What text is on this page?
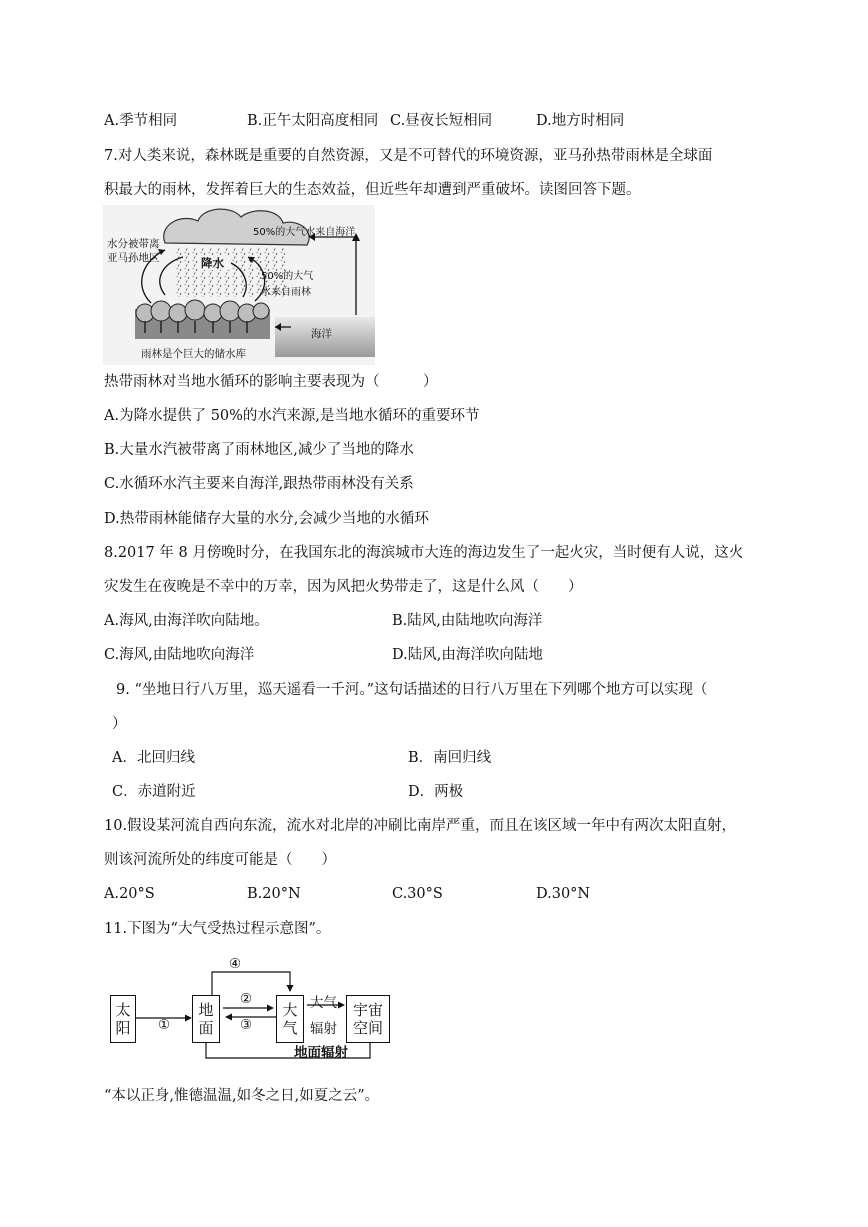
A.季节相同	B.正午太阳高度相同 C.昼夜长短相同	D.地方时相同
7.对人类来说，森林既是重要的自然资源，又是不可替代的环境资源，亚马孙热带雨林是全球面
积最大的雨林，发挥着巨大的生态效益，但近些年却遭到严重破坏。读图回答下题。
水分被带离
亚马孙地区	降水
50%的大气水来自海洋
50%的大气
水来自雨林
海洋
雨林是个巨大的储水库
热带雨林对当地水循环的影响主要表现为（　　　）
A.为降水提供了 50%的水汽来源,是当地水循环的重要环节
B.大量水汽被带离了雨林地区,减少了当地的降水
C.水循环水汽主要来自海洋,跟热带雨林没有关系
D.热带雨林能储存大量的水分,会减少当地的水循环
8.2017 年 8 月傍晚时分，在我国东北的海滨城市大连的海边发生了一起火灾，当时便有人说，这火
灾发生在夜晚是不幸中的万幸，因为风把火势带走了，这是什么风（　　）
A.海风,由海洋吹向陆地。	B.陆风,由陆地吹向海洋
C.海风,由陆地吹向海洋	D.陆风,由海洋吹向陆地
9. “坐地日行八万里，巡天遥看一千河。”这句话描述的日行八万里在下列哪个地方可以实现（
）
A．北回归线	B．南回归线
C．赤道附近	D．两极
10.假设某河流自西向东流，流水对北岸的冲刷比南岸严重，而且在该区域一年中有两次太阳直射，
则该河流所处的纬度可能是（　　）
A.20°S	B.20°N	C.30°S	D.30°N
11.下图为“大气受热过程示意图”。
太
阳
地
面
大
气
宇宙
空间
①
②
③
④
大气
辐射
地面辐射
“本以正身,惟德温温,如冬之日,如夏之云”。
